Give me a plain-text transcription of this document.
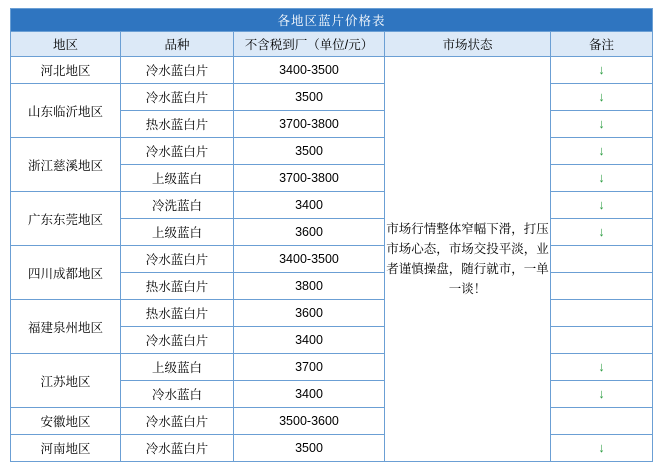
各地区蓝片价格表				
地区	品种	不含税到厂（单位/元）	市场状态	备注
河北地区	冷水蓝白片	3400-3500	市场行情整体窄幅下滑，打压市场心态，市场交投平淡，业者谨慎操盘，随行就市，一单一谈！	↓
山东临沂地区	冷水蓝白片	3500		↓
	热水蓝白片	3700-3800		↓
浙江慈溪地区	冷水蓝白片	3500		↓
	上级蓝白	3700-3800		↓
广东东莞地区	冷洗蓝白	3400		↓
	上级蓝白	3600		↓
四川成都地区	冷水蓝白片	3400-3500		
	热水蓝白片	3800		
福建泉州地区	热水蓝白片	3600		
	冷水蓝白片	3400		
江苏地区	上级蓝白	3700		↓
	冷水蓝白	3400		↓
安徽地区	冷水蓝白片	3500-3600		
河南地区	冷水蓝白片	3500		↓
